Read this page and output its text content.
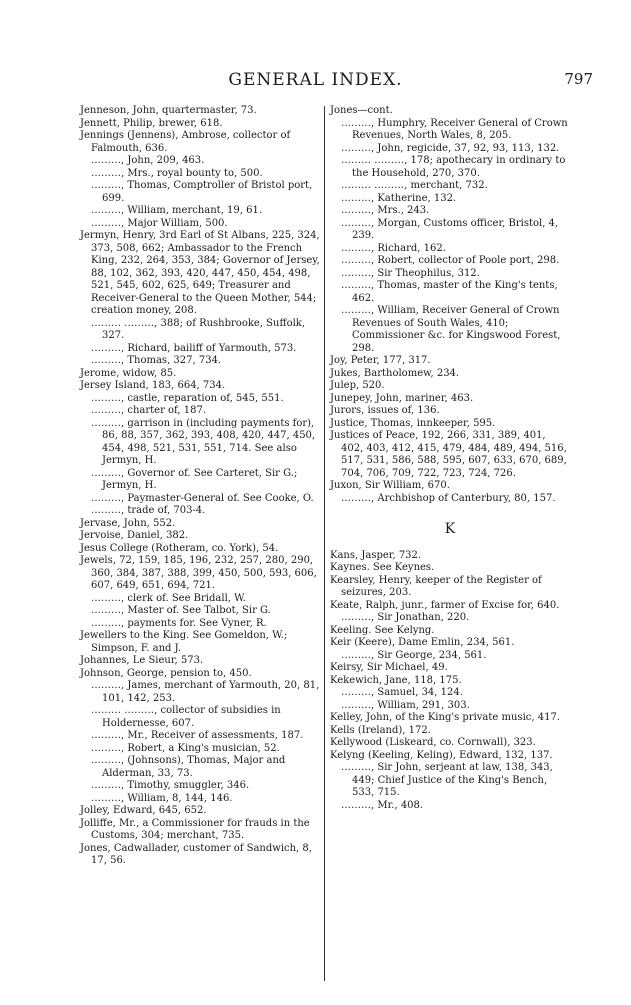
GENERAL INDEX.	797

Jenneson, John, quartermaster, 73.

Jennett, Philip, brewer, 618.

Jennings (Jennens), Ambrose, collector of Falmouth, 636.

………, John, 209, 463.

………, Mrs., royal bounty to, 500.

………, Thomas, Comptroller of Bristol port, 699.

………, William, merchant, 19, 61.

………, Major William, 500.

Jermyn, Henry, 3rd Earl of St Albans, 225, 324, 373, 508, 662; Ambassador to the French King, 232, 264, 353, 384; Governor of Jersey, 88, 102, 362, 393, 420, 447, 450, 454, 498, 521, 545, 602, 625, 649; Treasurer and Receiver-General to the Queen Mother, 544; creation money, 208.

……… ………, 388; of Rushbrooke, Suffolk, 327.

………, Richard, bailiff of Yarmouth, 573.

………, Thomas, 327, 734.

Jerome, widow, 85.

Jersey Island, 183, 664, 734.

………, castle, reparation of, 545, 551.

………, charter of, 187.

………, garrison in (including payments for), 86, 88, 357, 362, 393, 408, 420, 447, 450, 454, 498, 521, 531, 551, 714. See also Jermyn, H.

………, Governor of. See Carteret, Sir G.; Jermyn, H.

………, Paymaster-General of. See Cooke, O.

………, trade of, 703-4.

Jervase, John, 552.

Jervoise, Daniel, 382.

Jesus College (Rotheram, co. York), 54.

Jewels, 72, 159, 185, 196, 232, 257, 280, 290, 360, 384, 387, 388, 399, 450, 500, 593, 606, 607, 649, 651, 694, 721.

………, clerk of. See Bridall, W.

………, Master of. See Talbot, Sir G.

………, payments for. See Vyner, R.

Jewellers to the King. See Gomeldon, W.; Simpson, F. and J.

Johannes, Le Sieur, 573.

Johnson, George, pension to, 450.

………, James, merchant of Yarmouth, 20, 81, 101, 142, 253.

……… ………, collector of subsidies in Holdernesse, 607.

………, Mr., Receiver of assessments, 187.

………, Robert, a King's musician, 52.

………, (Johnsons), Thomas, Major and Alderman, 33, 73.

………, Timothy, smuggler, 346.

………, William, 8, 144, 146.

Jolley, Edward, 645, 652.

Jolliffe, Mr., a Commissioner for frauds in the Customs, 304; merchant, 735.

Jones, Cadwallader, customer of Sandwich, 8, 17, 56.

Jones—cont.

………, Humphry, Receiver General of Crown Revenues, North Wales, 8, 205.

………, John, regicide, 37, 92, 93, 113, 132.

……… ………, 178; apothecary in ordinary to the Household, 270, 370.

……… ………, merchant, 732.

………, Katherine, 132.

………, Mrs., 243.

………, Morgan, Customs officer, Bristol, 4, 239.

………, Richard, 162.

………, Robert, collector of Poole port, 298.

………, Sir Theophilus, 312.

………, Thomas, master of the King's tents, 462.

………, William, Receiver General of Crown Revenues of South Wales, 410; Commissioner &c. for Kingswood Forest, 298.

Joy, Peter, 177, 317.

Jukes, Bartholomew, 234.

Julep, 520.

Junepey, John, mariner, 463.

Jurors, issues of, 136.

Justice, Thomas, innkeeper, 595.

Justices of Peace, 192, 266, 331, 389, 401, 402, 403, 412, 415, 479, 484, 489, 494, 516, 517, 531, 586, 588, 595, 607, 633, 670, 689, 704, 706, 709, 722, 723, 724, 726.

Juxon, Sir William, 670.

………, Archbishop of Canterbury, 80, 157.

K

Kans, Jasper, 732.

Kaynes. See Keynes.

Kearsley, Henry, keeper of the Register of seizures, 203.

Keate, Ralph, junr., farmer of Excise for, 640.

………, Sir Jonathan, 220.

Keeling. See Kelyng.

Keir (Keere), Dame Emlin, 234, 561.

………, Sir George, 234, 561.

Keirsy, Sir Michael, 49.

Kekewich, Jane, 118, 175.

………, Samuel, 34, 124.

………, William, 291, 303.

Kelley, John, of the King's private music, 417.

Kells (Ireland), 172.

Kellywood (Liskeard, co. Cornwall), 323.

Kelyng (Keeling, Keling), Edward, 132, 137.

………, Sir John, serjeant at law, 138, 343, 449; Chief Justice of the King's Bench, 533, 715.

………, Mr., 408.
